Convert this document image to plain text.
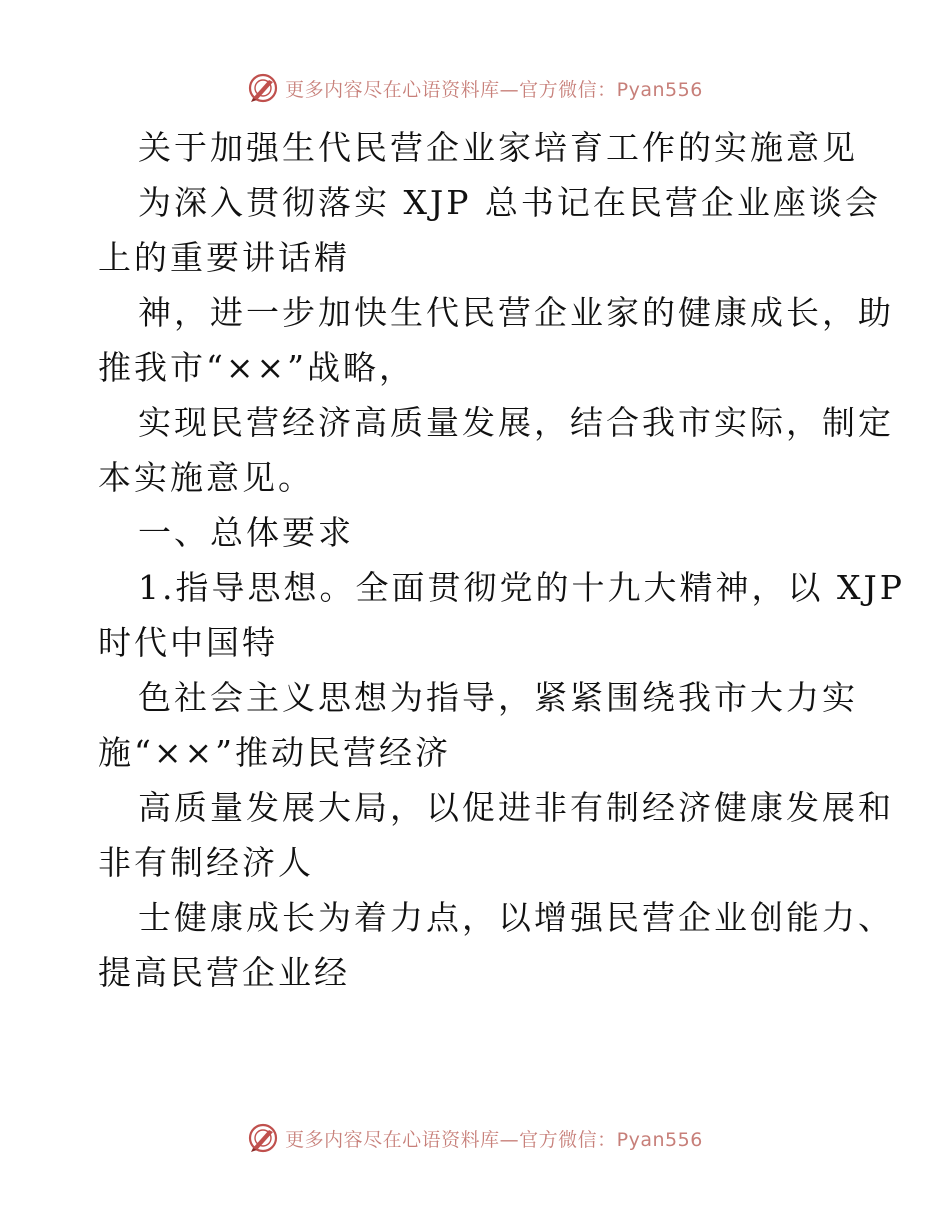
更多内容尽在心语资料库—官方微信：Pyan556

关于加强生代民营企业家培育工作的实施意见

为深入贯彻落实 XJP 总书记在民营企业座谈会

上的重要讲话精

神，进一步加快生代民营企业家的健康成长，助

推我市“××”战略，

实现民营经济高质量发展，结合我市实际，制定

本实施意见。

一、总体要求

1.指导思想。全面贯彻党的十九大精神，以 XJP

时代中国特

色社会主义思想为指导，紧紧围绕我市大力实

施“××”推动民营经济

高质量发展大局，以促进非有制经济健康发展和

非有制经济人

士健康成长为着力点，以增强民营企业创能力、

提高民营企业经

更多内容尽在心语资料库—官方微信：Pyan556
